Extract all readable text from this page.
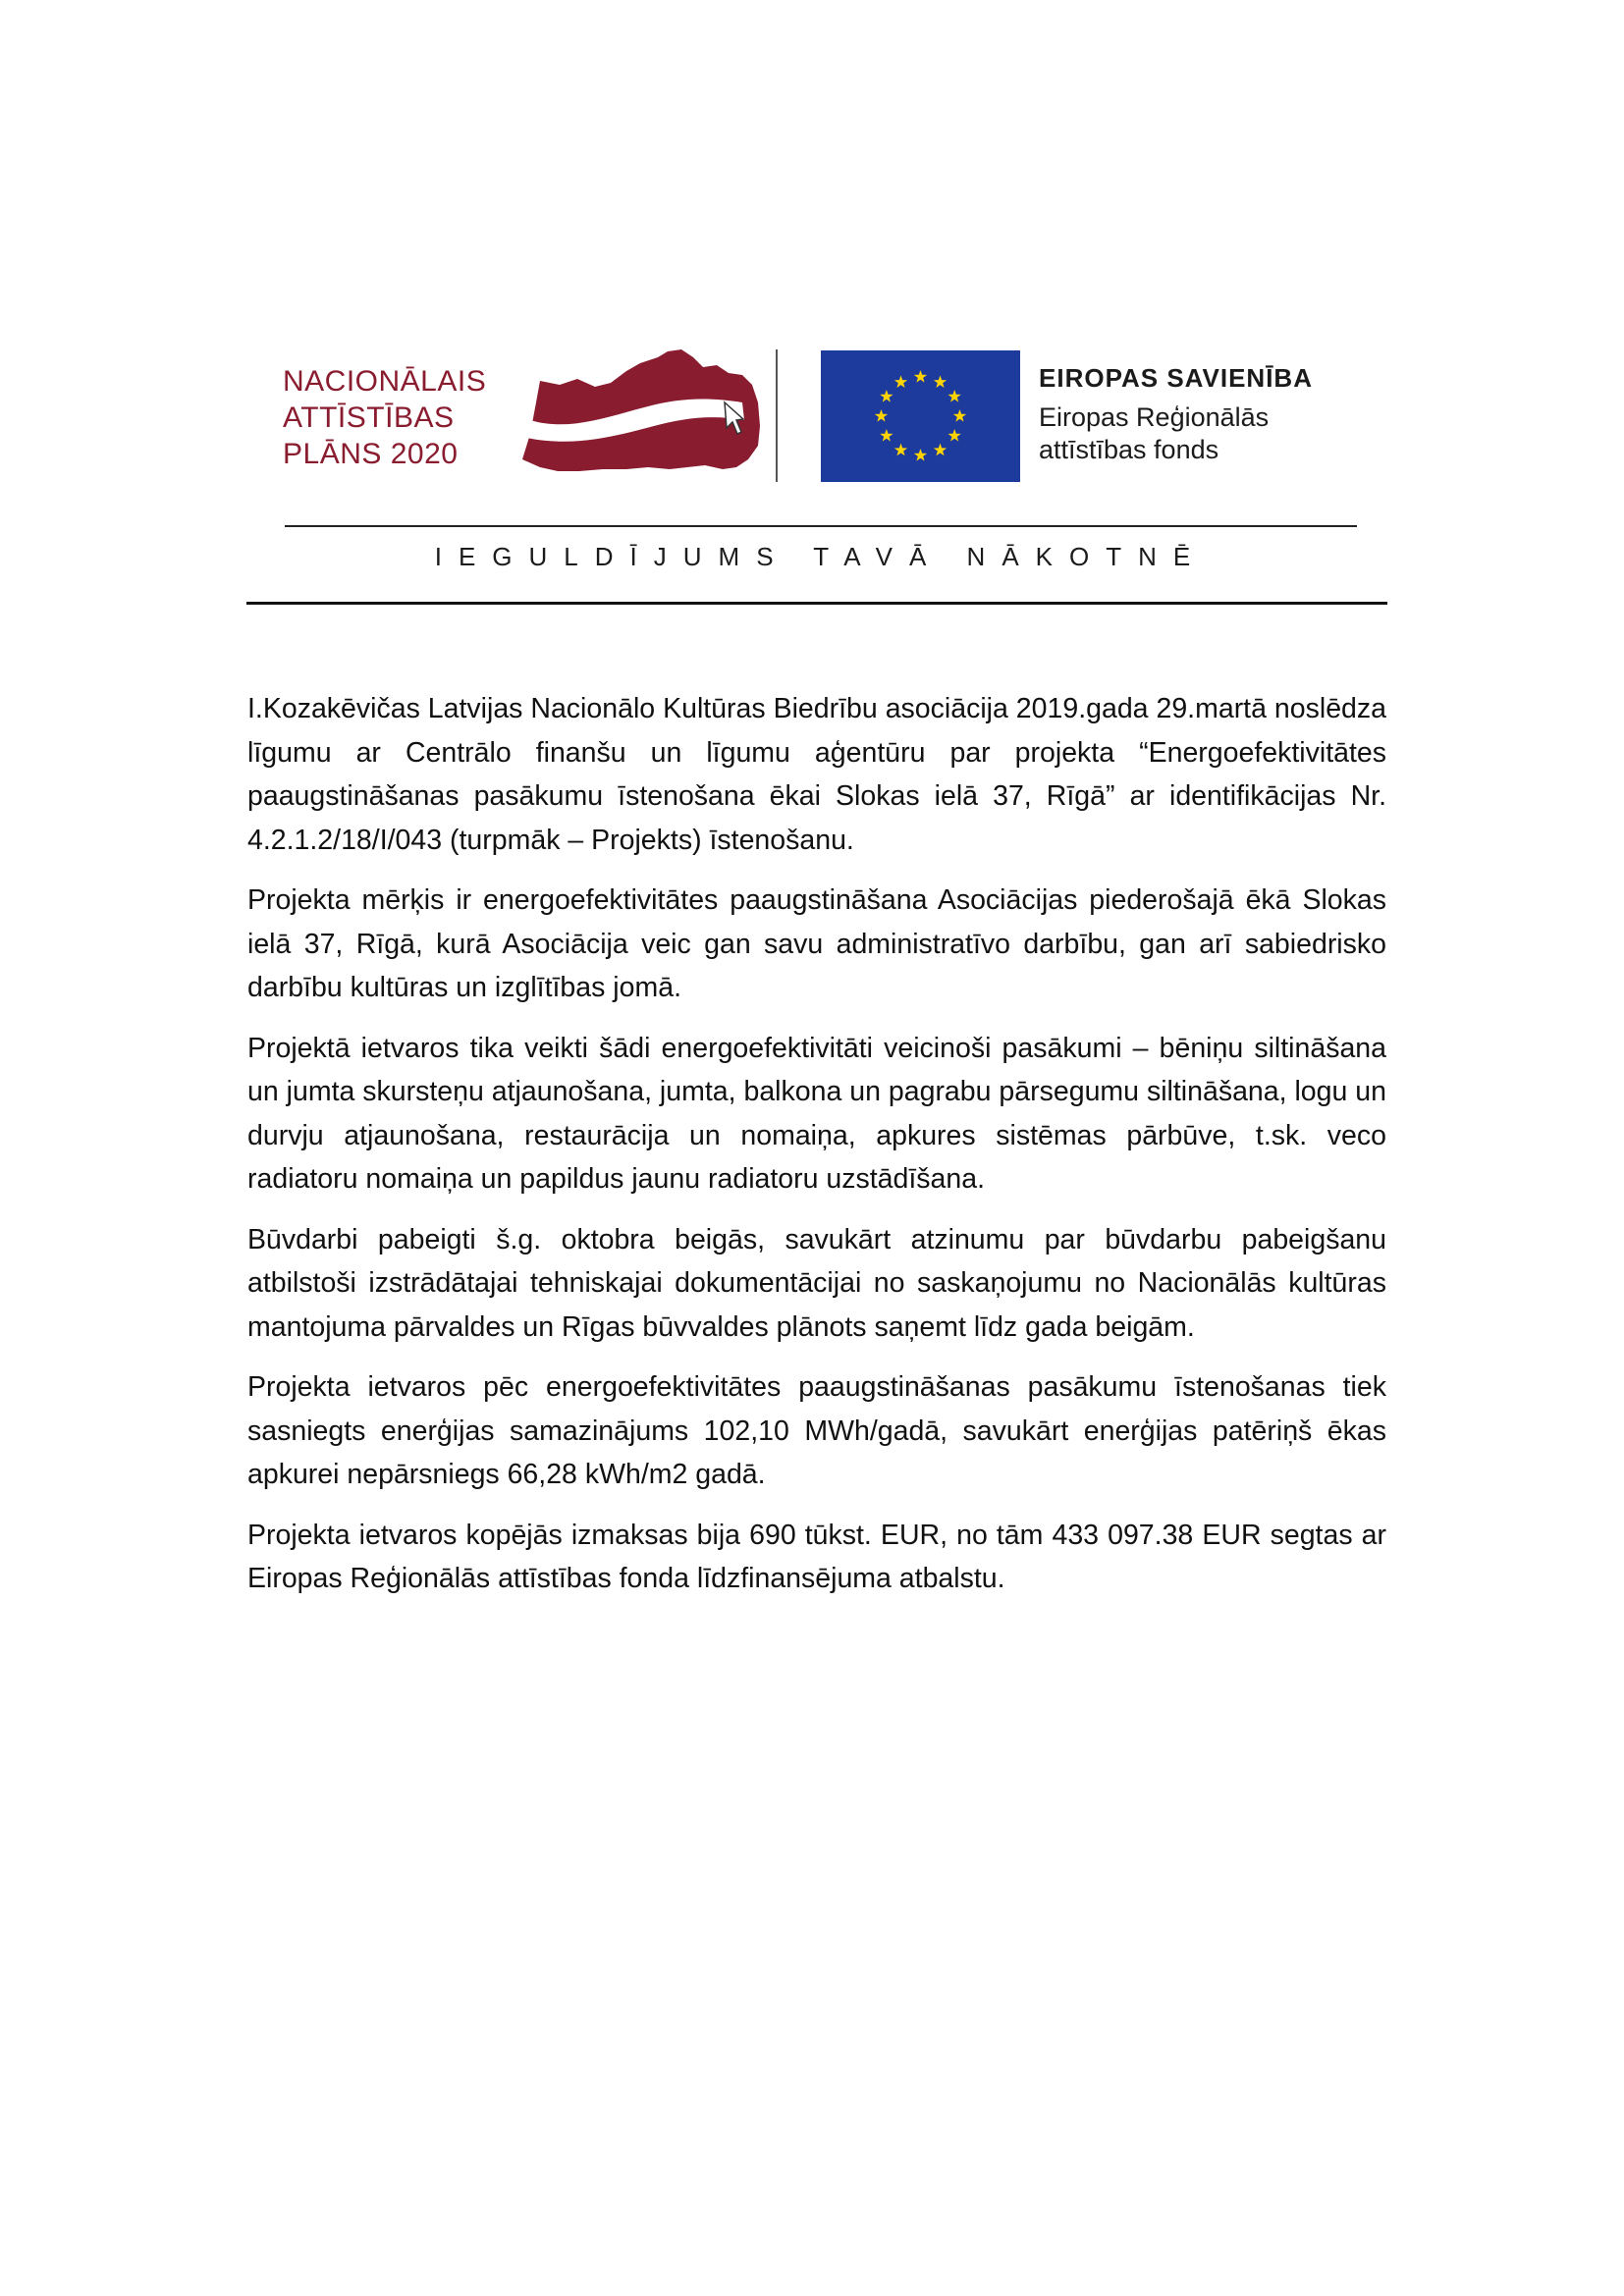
NACIONĀLAIS
ATTĪSTĪBAS
PLĀNS 2020
EIROPAS SAVIENĪBA
Eiropas Reģionālās
attīstības fonds
IEGULDĪJUMS TAVĀ NĀKOTNĒ

I.Kozakēvičas Latvijas Nacionālo Kultūras Biedrību asociācija 2019.gada 29.martā noslēdza līgumu ar Centrālo finanšu un līgumu aģentūru par projekta “Energoefektivitātes paaugstināšanas pasākumu īstenošana ēkai Slokas ielā 37, Rīgā” ar identifikācijas Nr. 4.2.1.2/18/I/043 (turpmāk – Projekts) īstenošanu.

Projekta mērķis ir energoefektivitātes paaugstināšana Asociācijas piederošajā ēkā Slokas ielā 37, Rīgā, kurā Asociācija veic gan savu administratīvo darbību, gan arī sabiedrisko darbību kultūras un izglītības jomā.

Projektā ietvaros tika veikti šādi energoefektivitāti veicinoši pasākumi – bēniņu siltināšana un jumta skursteņu atjaunošana, jumta, balkona un pagrabu pārsegumu siltināšana, logu un durvju atjaunošana, restaurācija un nomaiņa, apkures sistēmas pārbūve, t.sk. veco radiatoru nomaiņa un papildus jaunu radiatoru uzstādīšana.

Būvdarbi pabeigti š.g. oktobra beigās, savukārt atzinumu par būvdarbu pabeigšanu atbilstoši izstrādātajai tehniskajai dokumentācijai no saskaņojumu no Nacionālās kultūras mantojuma pārvaldes un Rīgas būvvaldes plānots saņemt līdz gada beigām.

Projekta ietvaros pēc energoefektivitātes paaugstināšanas pasākumu īstenošanas tiek sasniegts enerģijas samazinājums 102,10 MWh/gadā, savukārt enerģijas patēriņš ēkas apkurei nepārsniegs 66,28 kWh/m2 gadā.

Projekta ietvaros kopējās izmaksas bija 690 tūkst. EUR, no tām 433 097.38 EUR segtas ar Eiropas Reģionālās attīstības fonda līdzfinansējuma atbalstu.
